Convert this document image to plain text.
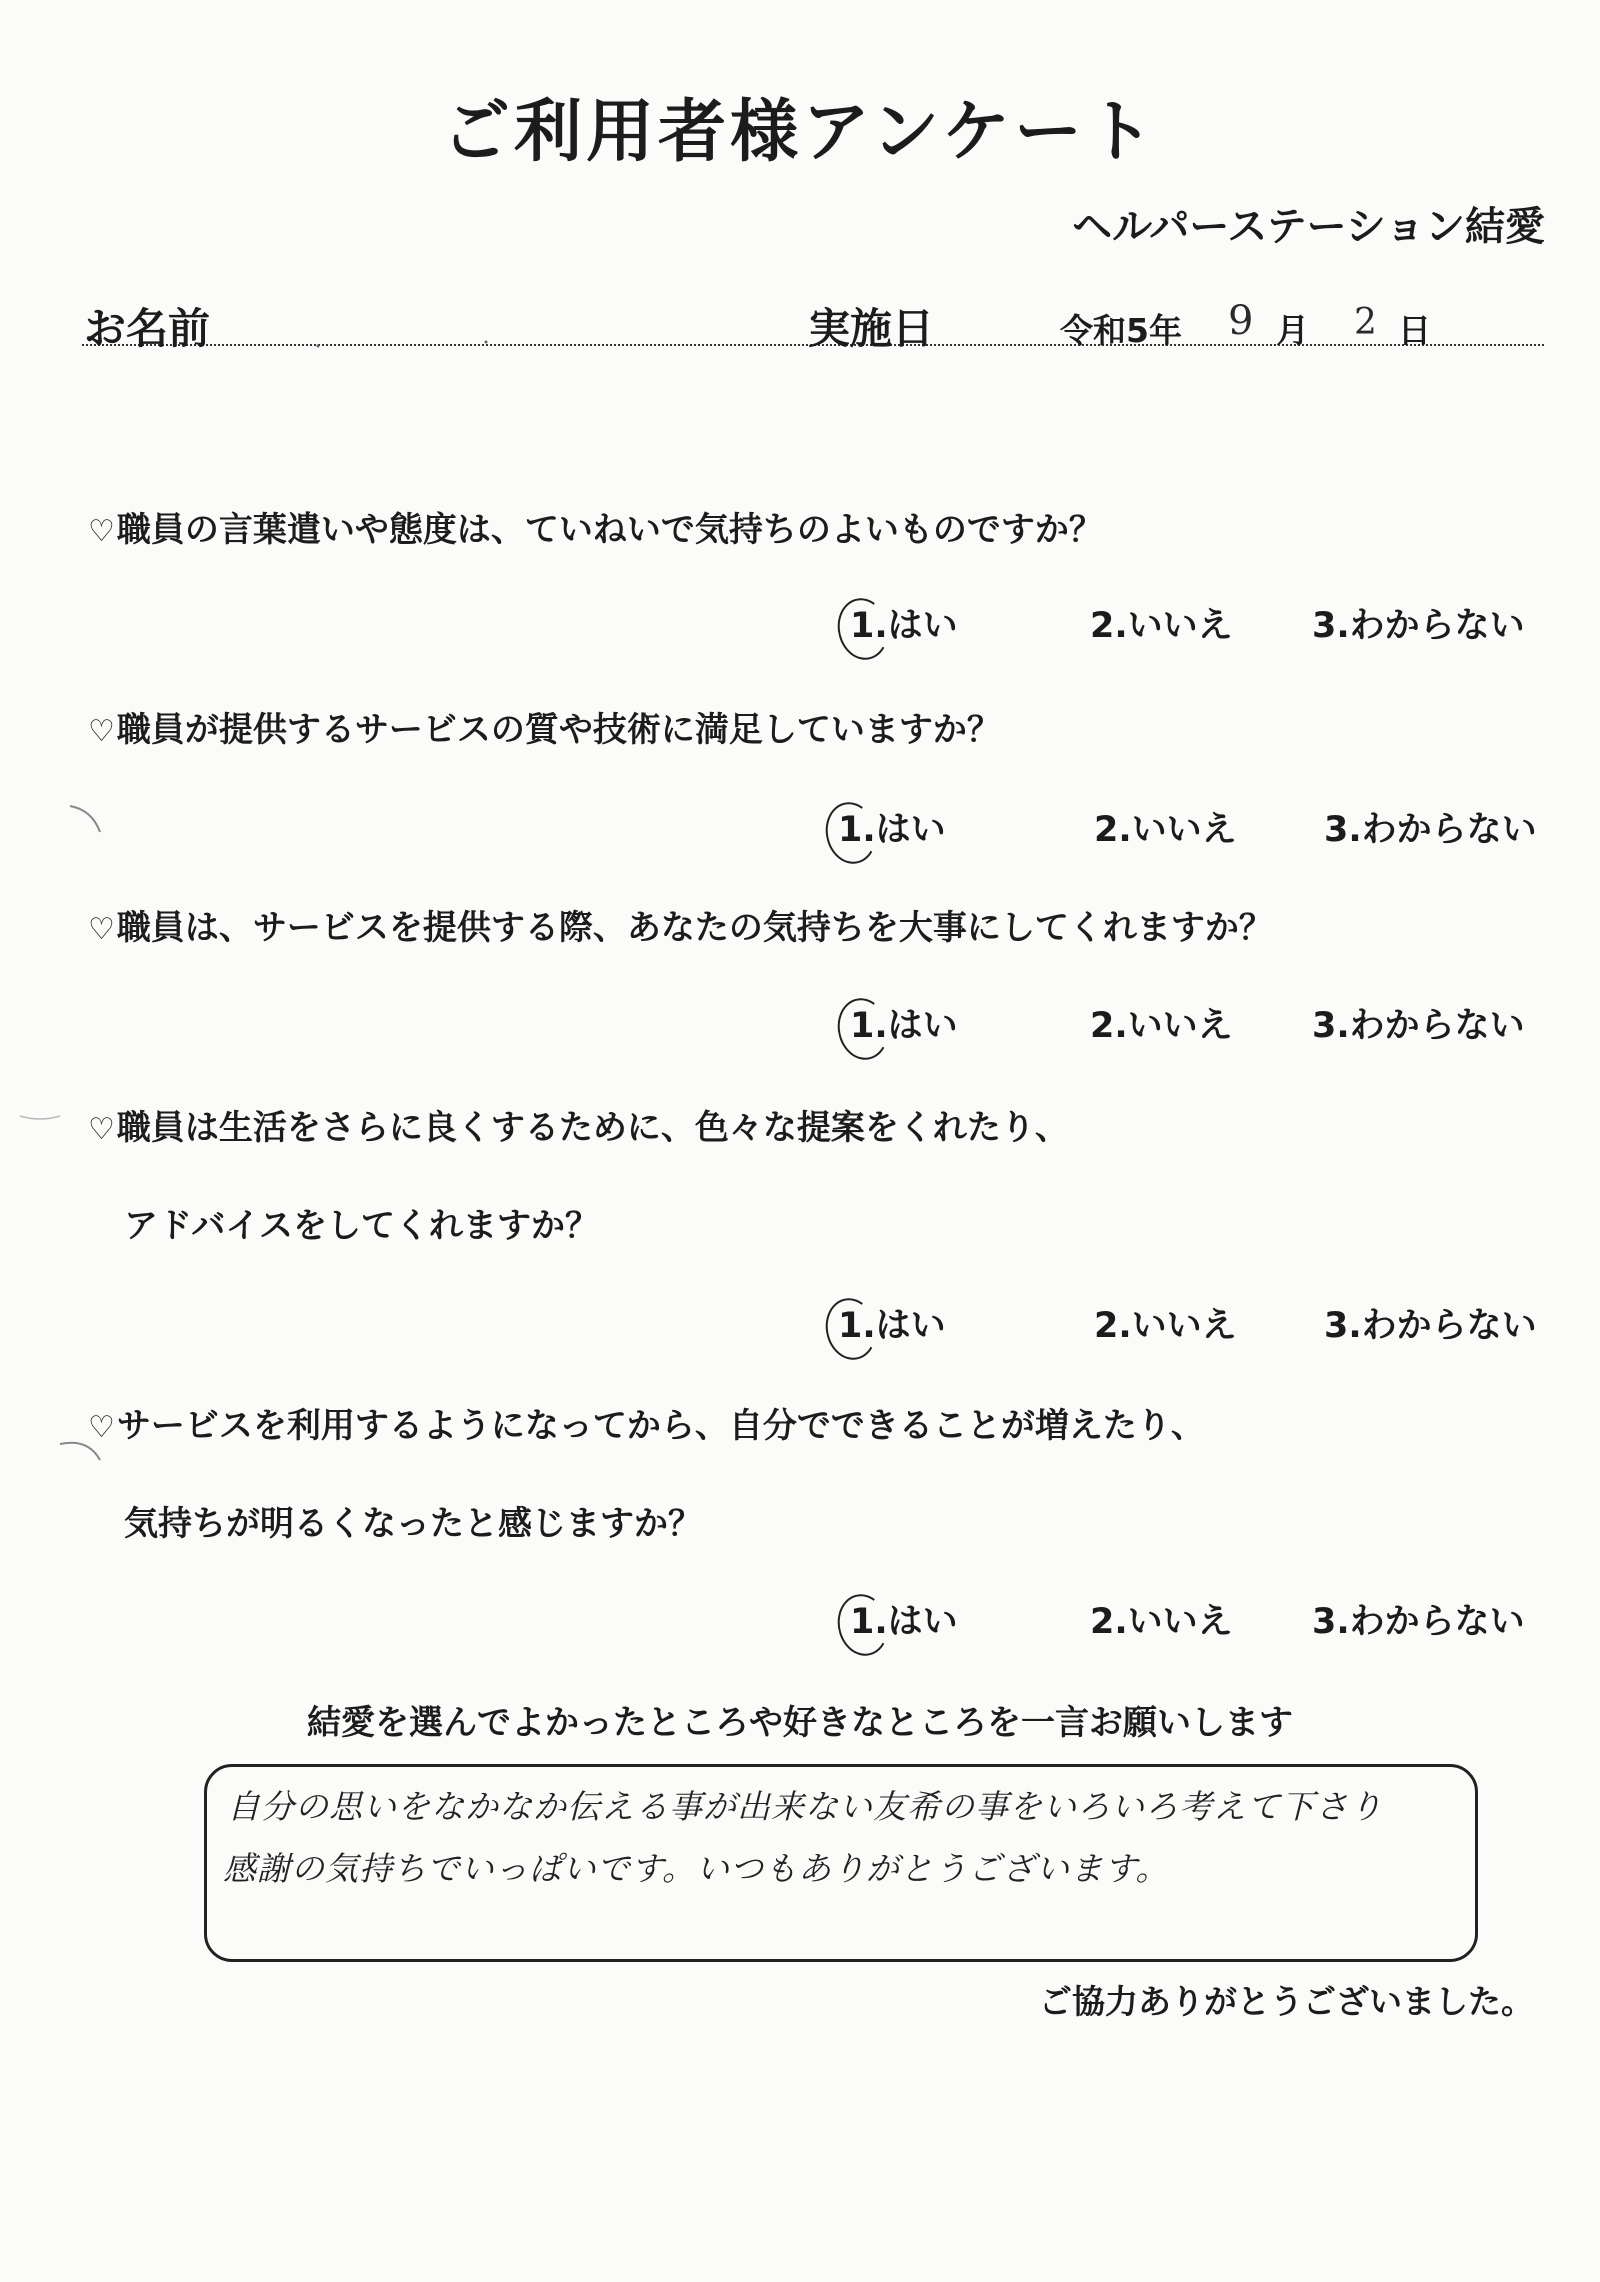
ご利用者様アンケート
ヘルパーステーション結愛
お名前	実施日	令和5年 9 月 2 日
♡職員の言葉遣いや態度は、ていねいで気持ちのよいものですか？
1
.はい	2.いいえ 3.わからない
♡職員が提供するサービスの質や技術に満足していますか？
1
.はい	2.いいえ 3.わからない
♡職員は、サービスを提供する際、あなたの気持ちを大事にしてくれますか？
1
.はい	2.いいえ 3.わからない
♡職員は生活をさらに良くするために、色々な提案をくれたり、
アドバイスをしてくれますか？
1
.はい	2.いいえ 3.わからない
♡サービスを利用するようになってから、自分でできることが増えたり、
気持ちが明るくなったと感じますか？
1
.はい	2.いいえ 3.わからない
結愛を選んでよかったところや好きなところを一言お願いします
自分の思いをなかなか伝える事が出来ない友希の事をいろいろ考えて下さり
感謝の気持ちでいっぱいです。いつもありがとうございます。
ご協力ありがとうございました。
